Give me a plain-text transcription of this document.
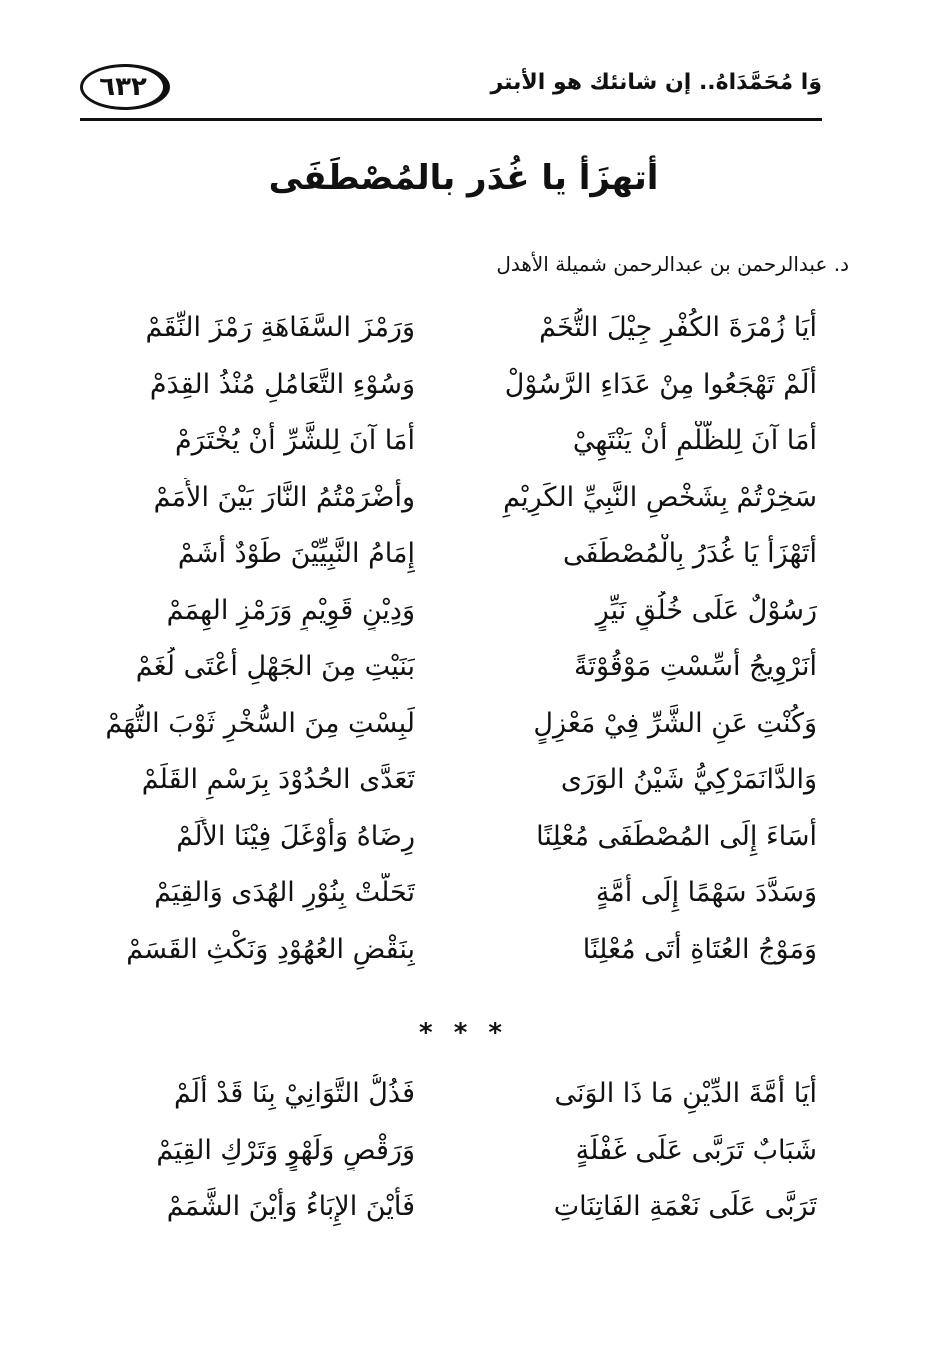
٦٣٢	وَا مُحَمَّدَاهُ.. إن شانئك هو الأبتر
أتهزَأ يا غُدَر بالمُصْطَفَى
د. عبدالرحمن بن عبدالرحمن شميلة الأهدل
أَيَا زُمْرَةَ الكُفْرِ جِيْلَ التُّخَمْ
وَرَمْزَ السَّفَاهَةِ رَمْزَ النِّقَمْ
أَلَمْ تَهْجَعُوا مِنْ عَدَاءِ الرَّسُوْلْ
وَسُوْءِ التَّعَامُلِ مُنْذُ القِدَمْ
أَمَا آنَ لِلظُّلْمِ أَنْ يَنْتَهِيْ
أَمَا آنَ لِلشَّرِّ أَنْ يُخْتَرَمْ
سَخِرْتُمْ بِشَخْصِ النَّبِيِّ الكَرِيْمِ
وأَضْرَمْتُمُ النَّارَ بَيْنَ الأُمَمْ
أَتَهْزَأُ يَا غُدَرُ بِالْمُصْطَفَى
إِمَامُ النَّبِيِّيْنَ طَوْدٌ أَشَمْ
رَسُوْلٌ عَلَى خُلُقٍ نَيِّرٍ
وَدِيْنٍ قَوِيْمٍ وَرَمْزِ الهِمَمْ
أَنَرْوِيجُ أُسِّسْتِ مَوْقُوْتَةً
بَنَيْتِ مِنَ الجَهْلِ أَعْتَى لُغَمْ
وَكُنْتِ عَنِ الشَّرِّ فِيْ مَعْزِلٍ
لَبِسْتِ مِنَ السُّخْرِ ثَوْبَ التُّهَمْ
وَالدَّانَمَرْكِيُّ شَيْنُ الوَرَى
تَعَدَّى الحُدُوْدَ بِرَسْمِ القَلَمْ
أَسَاءَ إِلَى المُصْطَفَى مُعْلِنًا
رِضَاهُ وَأَوْغَلَ فِيْنَا الأَلَمْ
وَسَدَّدَ سَهْمًا إِلَى أُمَّةٍ
تَحَلَّتْ بِنُوْرِ الهُدَى وَالقِيَمْ
وَمَوْجُ العُتَاةِ أَتَى مُعْلِنًا
بِنَقْضِ العُهُوْدِ وَنَكْثِ القَسَمْ
* * *
أَيَا أُمَّةَ الدِّيْنِ مَا ذَا الوَنَى
فَذُلُّ التَّوَانِيْ بِنَا قَدْ أَلَمْ
شَبَابٌ تَرَبَّى عَلَى غَفْلَةٍ
وَرَقْصٍ وَلَهْوٍ وَتَرْكِ القِيَمْ
تَرَبَّى عَلَى نَعْمَةِ الفَاتِنَاتِ
فَأَيْنَ الإِبَاءُ وَأَيْنَ الشَّمَمْ
